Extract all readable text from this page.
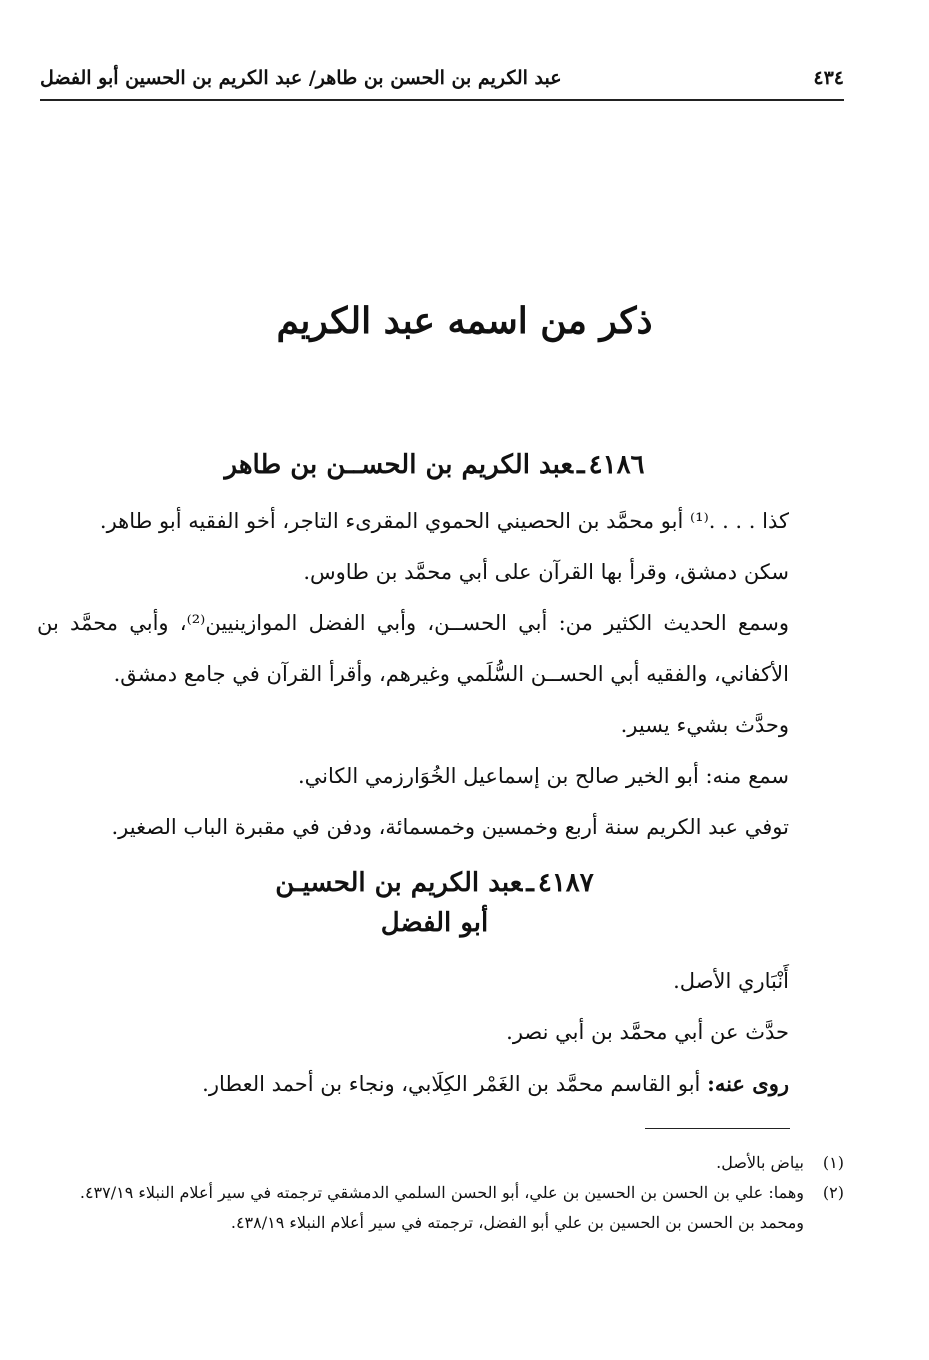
٤٣٤
عبد الكريم بن الحسن بن طاهر/ عبد الكريم بن الحسين أبو الفضل
ذكر من اسمه عبد الكريم
٤١٨٦ـعبد الكريم بن الحســن بن طاهر

كذا . . . .⁽¹⁾ أبو محمَّد بن الحصيني الحموي المقرىء التاجر، أخو الفقيه أبو طاهر.

سكن دمشق، وقرأ بها القرآن على أبي محمَّد بن طاوس.

وسمع الحديث الكثير من: أبي الحســن، وأبي الفضل الموازينيين⁽²⁾، وأبي محمَّد بن الأكفاني، والفقيه أبي الحســن السُّلَمي وغيرهم، وأقرأ القرآن في جامع دمشق.

وحدَّث بشيء يسير.

سمع منه: أبو الخير صالح بن إسماعيل الخُوَارزمي الكاني.

توفي عبد الكريم سنة أربع وخمسين وخمسمائة، ودفن في مقبرة الباب الصغير.

٤١٨٧ـعبد الكريم بن الحسيـن
أبو الفضل

أَنْبَاري الأصل.

حدَّث عن أبي محمَّد بن أبي نصر.

روى عنه: أبو القاسم محمَّد بن الغَمْر الكِلَابي، ونجاء بن أحمد العطار.

(١)
بياض بالأصل.
(٢)
وهما: علي بن الحسن بن الحسين بن علي، أبو الحسن السلمي الدمشقي ترجمته في سير أعلام النبلاء ٤٣٧/١٩.
ومحمد بن الحسن بن الحسين بن علي أبو الفضل، ترجمته في سير أعلام النبلاء ٤٣٨/١٩.
